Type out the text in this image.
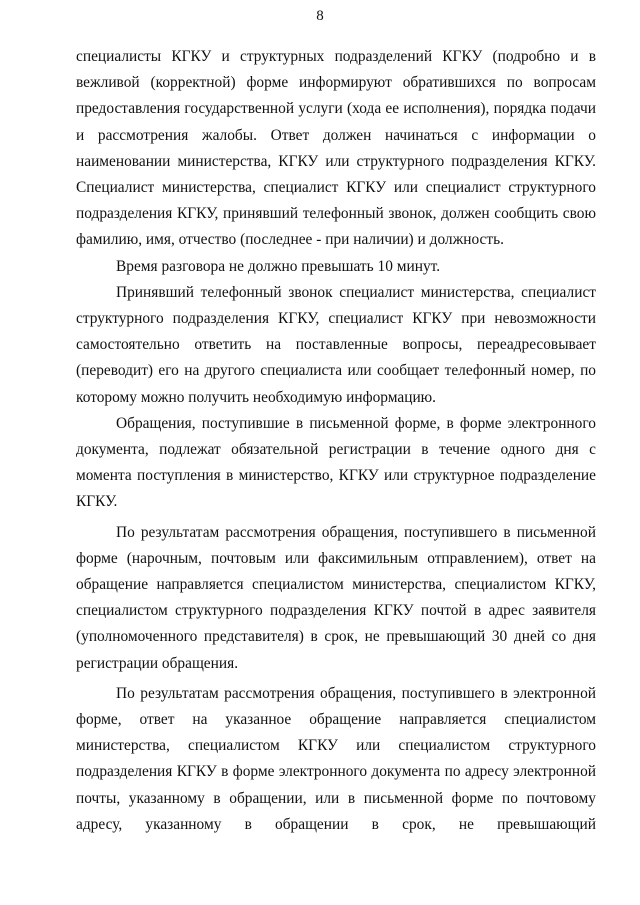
8

специалисты КГКУ и структурных подразделений КГКУ (подробно и в вежливой (корректной) форме информируют обратившихся по вопросам предоставления государственной услуги (хода ее исполнения), порядка подачи и рассмотрения жалобы. Ответ должен начинаться с информации о наименовании министерства, КГКУ или структурного подразделения КГКУ. Специалист министерства, специалист КГКУ или специалист структурного подразделения КГКУ, принявший телефонный звонок, должен сообщить свою фамилию, имя, отчество (последнее - при наличии) и должность.

Время разговора не должно превышать 10 минут.

Принявший телефонный звонок специалист министерства, специалист структурного подразделения КГКУ, специалист КГКУ при невозможности самостоятельно ответить на поставленные вопросы, переадресовывает (переводит) его на другого специалиста или сообщает телефонный номер, по которому можно получить необходимую информацию.

Обращения, поступившие в письменной форме, в форме электронного документа, подлежат обязательной регистрации в течение одного дня с момента поступления в министерство, КГКУ или структурное подразделение КГКУ.

По результатам рассмотрения обращения, поступившего в письменной форме (нарочным, почтовым или факсимильным отправлением), ответ на обращение направляется специалистом министерства, специалистом КГКУ, специалистом структурного подразделения КГКУ почтой в адрес заявителя (уполномоченного представителя) в срок, не превышающий 30 дней со дня регистрации обращения.

По результатам рассмотрения обращения, поступившего в электронной форме, ответ на указанное обращение направляется специалистом министерства, специалистом КГКУ или специалистом структурного подразделения КГКУ в форме электронного документа по адресу электронной почты, указанному в обращении, или в письменной форме по почтовому адресу, указанному в обращении в срок, не превышающий
